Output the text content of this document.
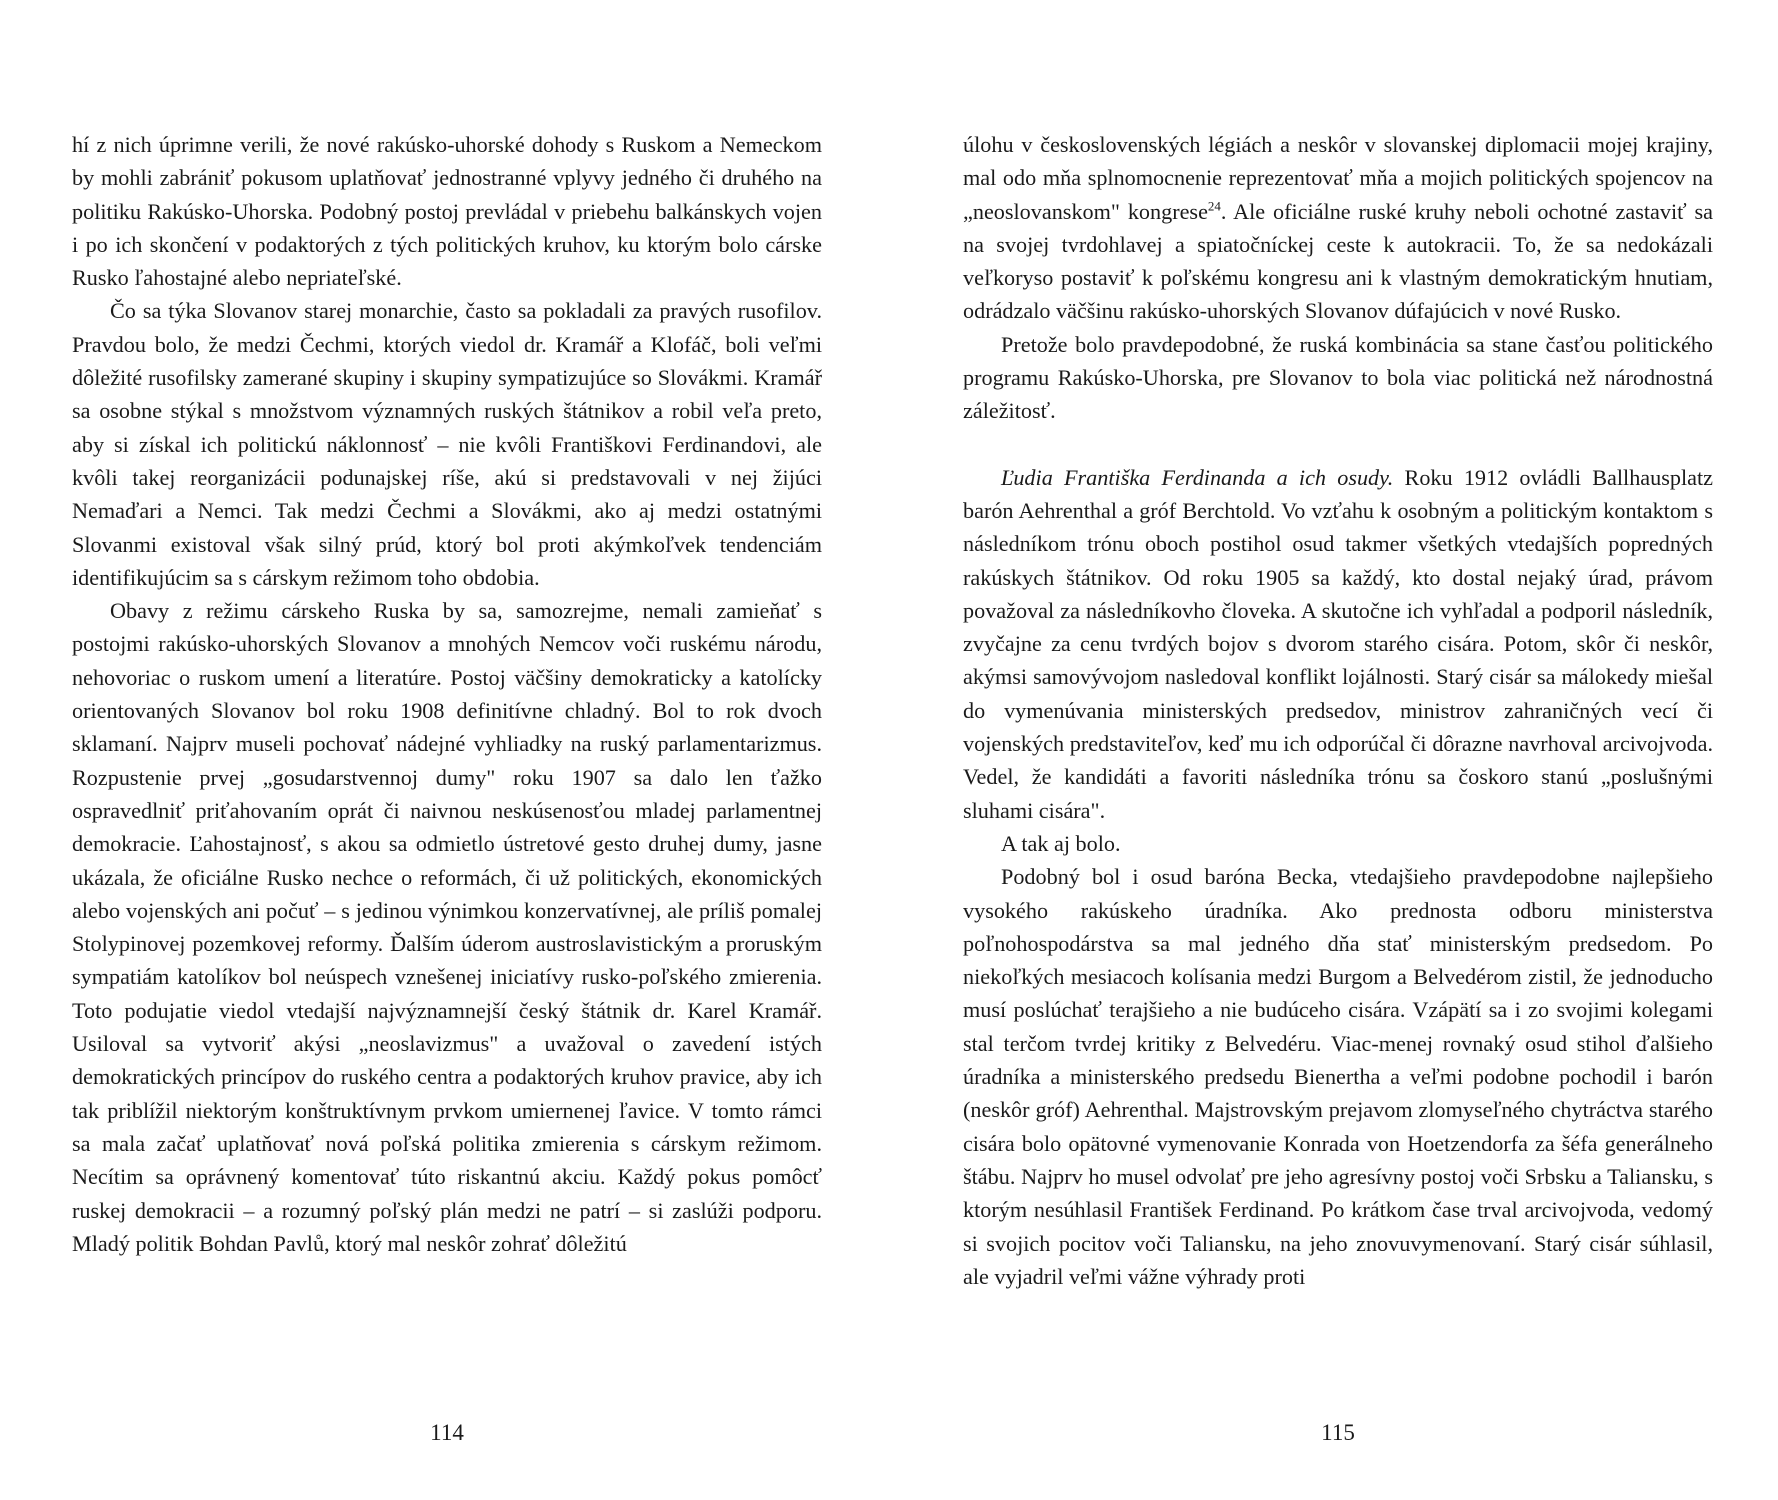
hí z nich úprimne verili, že nové rakúsko-uhorské dohody s Ruskom a Nemeckom by mohli zabrániť pokusom uplatňovať jednostranné vplyvy jedného či druhého na politiku Rakúsko-Uhorska. Podobný postoj prevládal v priebehu balkánskych vojen i po ich skončení v podaktorých z tých politických kruhov, ku ktorým bolo cárske Rusko ľahostajné alebo nepriateľské.

Čo sa týka Slovanov starej monarchie, často sa pokladali za pravých rusofilov. Pravdou bolo, že medzi Čechmi, ktorých viedol dr. Kramář a Klofáč, boli veľmi dôležité rusofilsky zamerané skupiny i skupiny sympatizujúce so Slovákmi. Kramář sa osobne stýkal s množstvom významných ruských štátnikov a robil veľa preto, aby si získal ich politickú náklonnosť – nie kvôli Františkovi Ferdinandovi, ale kvôli takej reorganizácii podunajskej ríše, akú si predstavovali v nej žijúci Nemaďari a Nemci. Tak medzi Čechmi a Slovákmi, ako aj medzi ostatnými Slovanmi existoval však silný prúd, ktorý bol proti akýmkoľvek tendenciám identifikujúcim sa s cárskym režimom toho obdobia.

Obavy z režimu cárskeho Ruska by sa, samozrejme, nemali zamieňať s postojmi rakúsko-uhorských Slovanov a mnohých Nemcov voči ruskému národu, nehovoriac o ruskom umení a literatúre. Postoj väčšiny demokraticky a katolícky orientovaných Slovanov bol roku 1908 definitívne chladný. Bol to rok dvoch sklamaní. Najprv museli pochovať nádejné vyhliadky na ruský parlamentarizmus. Rozpustenie prvej „gosudarstvennoj dumy" roku 1907 sa dalo len ťažko ospravedlniť priťahovaním oprát či naivnou neskúsenosťou mladej parlamentnej demokracie. Ľahostajnosť, s akou sa odmietlo ústretové gesto druhej dumy, jasne ukázala, že oficiálne Rusko nechce o reformách, či už politických, ekonomických alebo vojenských ani počuť – s jedinou výnimkou konzervatívnej, ale príliš pomalej Stolypinovej pozemkovej reformy. Ďalším úderom austroslavistickým a proruským sympatiám katolíkov bol neúspech vznešenej iniciatívy rusko-poľského zmierenia. Toto podujatie viedol vtedajší najvýznamnejší český štátnik dr. Karel Kramář. Usiloval sa vytvoriť akýsi „neoslavizmus" a uvažoval o zavedení istých demokratických princípov do ruského centra a podaktorých kruhov pravice, aby ich tak priblížil niektorým konštruktívnym prvkom umiernenej ľavice. V tomto rámci sa mala začať uplatňovať nová poľská politika zmierenia s cárskym režimom. Necítim sa oprávnený komentovať túto riskantnú akciu. Každý pokus pomôcť ruskej demokracii – a rozumný poľský plán medzi ne patrí – si zaslúži podporu. Mladý politik Bohdan Pavlů, ktorý mal neskôr zohrať dôležitú

114

úlohu v československých légiách a neskôr v slovanskej diplomacii mojej krajiny, mal odo mňa splnomocnenie reprezentovať mňa a mojich politických spojencov na „neoslovanskom" kongrese$^{24}$. Ale oficiálne ruské kruhy neboli ochotné zastaviť sa na svojej tvrdohlavej a spiatočníckej ceste k autokracii. To, že sa nedokázali veľkoryso postaviť k poľskému kongresu ani k vlastným demokratickým hnutiam, odrádzalo väčšinu rakúsko-uhorských Slovanov dúfajúcich v nové Rusko.

Pretože bolo pravdepodobné, že ruská kombinácia sa stane časťou politického programu Rakúsko-Uhorska, pre Slovanov to bola viac politická než národnostná záležitosť.

Ľudia Františka Ferdinanda a ich osudy. Roku 1912 ovládli Ballhausplatz barón Aehrenthal a gróf Berchtold. Vo vzťahu k osobným a politickým kontaktom s následníkom trónu oboch postihol osud takmer všetkých vtedajších popredných rakúskych štátnikov. Od roku 1905 sa každý, kto dostal nejaký úrad, právom považoval za následníkovho človeka. A skutočne ich vyhľadal a podporil následník, zvyčajne za cenu tvrdých bojov s dvorom starého cisára. Potom, skôr či neskôr, akýmsi samovývojom nasledoval konflikt lojálnosti. Starý cisár sa málokedy miešal do vymenúvania ministerských predsedov, ministrov zahraničných vecí či vojenských predstaviteľov, keď mu ich odporúčal či dôrazne navrhoval arcivojvoda. Vedel, že kandidáti a favoriti následníka trónu sa čoskoro stanú „poslušnými sluhami cisára".

A tak aj bolo.

Podobný bol i osud baróna Becka, vtedajšieho pravdepodobne najlepšieho vysokého rakúskeho úradníka. Ako prednosta odboru ministerstva poľnohospodárstva sa mal jedného dňa stať ministerským predsedom. Po niekoľkých mesiacoch kolísania medzi Burgom a Belvedérom zistil, že jednoducho musí poslúchať terajšieho a nie budúceho cisára. Vzápätí sa i zo svojimi kolegami stal terčom tvrdej kritiky z Belvedéru. Viac-menej rovnaký osud stihol ďalšieho úradníka a ministerského predsedu Bienertha a veľmi podobne pochodil i barón (neskôr gróf) Aehrenthal. Majstrovským prejavom zlomyseľného chytráctva starého cisára bolo opätovné vymenovanie Konrada von Hoetzendorfa za šéfa generálneho štábu. Najprv ho musel odvolať pre jeho agresívny postoj voči Srbsku a Taliansku, s ktorým nesúhlasil František Ferdinand. Po krátkom čase trval arcivojvoda, vedomý si svojich pocitov voči Taliansku, na jeho znovuvymenovaní. Starý cisár súhlasil, ale vyjadril veľmi vážne výhrady proti

115
